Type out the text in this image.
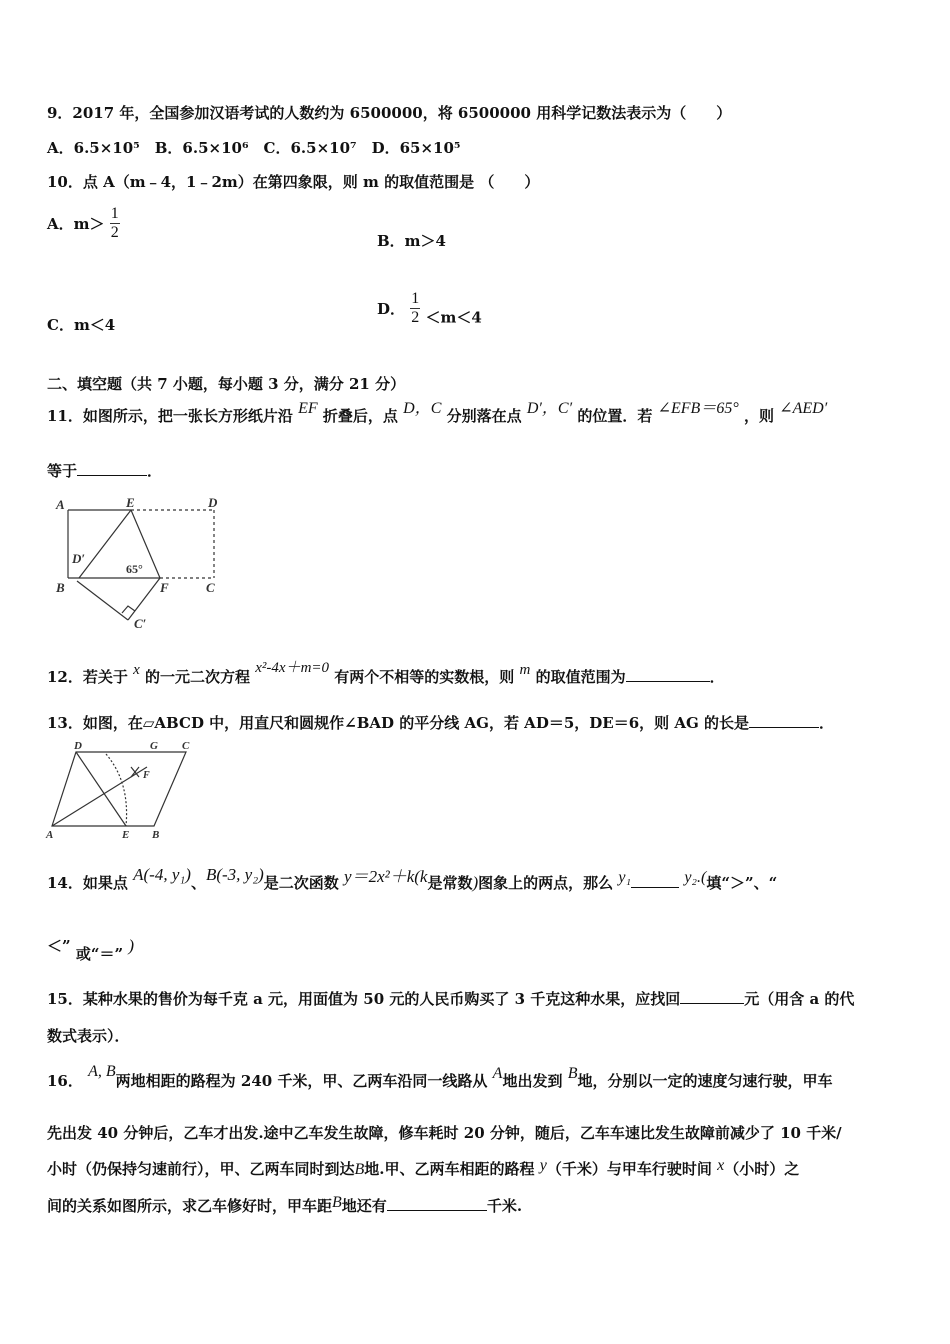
9．2017 年，全国参加汉语考试的人数约为 6500000，将 6500000 用科学记数法表示为（　　）
A．6.5×10⁵　B．6.5×10⁶　C．6.5×10⁷　D．65×10⁵
10．点 A（m﹣4，1﹣2m）在第四象限，则 m 的取值范围是 （　　）
A．$m> \frac{1}{2}$	B．m＞4
C．m＜4
D． $\frac{1}{2} <m<4$
二、填空题（共 7 小题，每小题 3 分，满分 21 分）
11．如图所示，把一张长方形纸片沿 EF 折叠后，点 D，C 分别落在点 D′，C′ 的位置．若 ∠EFB＝65° ，则 ∠AED′
等于	．
A	E	D
D′
65°
B	F	C
C′
12．若关于 x 的一元二次方程 x²-4x＋m=0 有两个不相等的实数根，则 m 的取值范围为	．
13．如图，在▱ABCD 中，用直尺和圆规作∠BAD 的平分线 AG，若 AD＝5，DE＝6，则 AG 的长是	．
D	G C
F
A	E B
14．如果点 A(-4, y₁)、B(-3, y₂)是二次函数 y＝2x²＋k(k是常数)图象上的两点，那么 y₁	y₂.(填“＞”、“
＜” 或“＝” )
15．某种水果的售价为每千克 a 元，用面值为 50 元的人民币购买了 3 千克这种水果，应找回	元（用含 a 的代
数式表示）．
16． A, B两地相距的路程为 240 千米，甲、乙两车沿同一线路从 A地出发到 B地，分别以一定的速度匀速行驶，甲车
先出发 40 分钟后，乙车才出发.途中乙车发生故障，修车耗时 20 分钟，随后，乙车车速比发生故障前减少了 10 千米/
小时（仍保持匀速前行），甲、乙两车同时到达B地.甲、乙两车相距的路程 y（千米）与甲车行驶时间 x（小时）之
间的关系如图所示，求乙车修好时，甲车距B地还有	千米.
